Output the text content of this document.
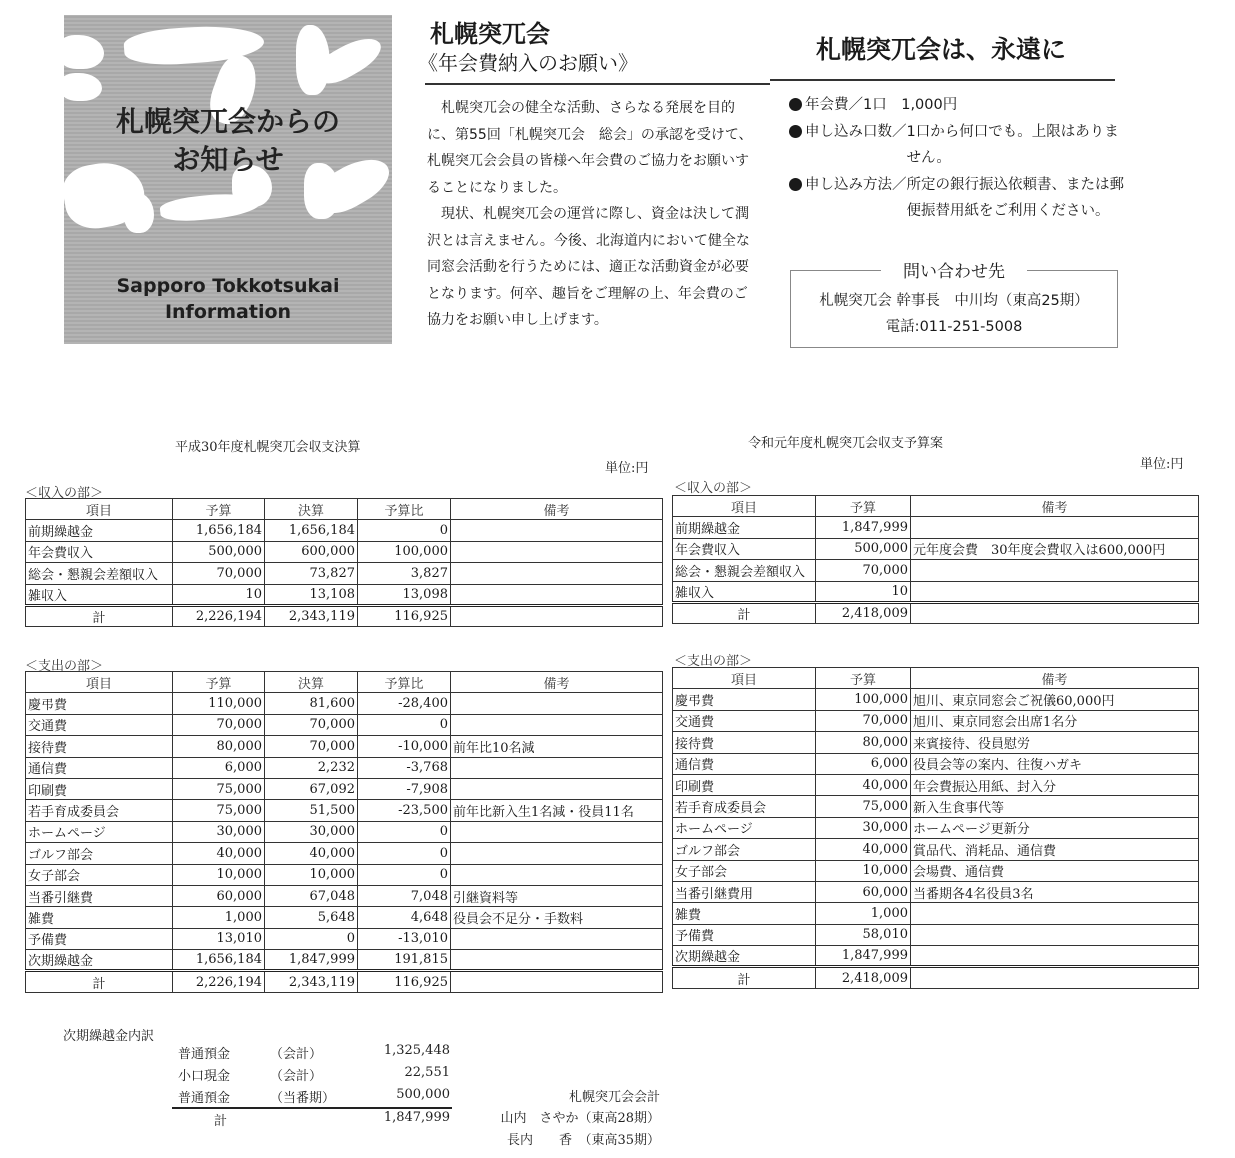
札幌突兀会からの
お知らせ
Sapporo Tokkotsukai
Information
札幌突兀会
《年会費納入のお願い》

札幌突兀会の健全な活動、さらなる発展を目的に、第55回「札幌突兀会　総会」の承認を受けて、札幌突兀会会員の皆様へ年会費のご協力をお願いすることになりました。

現状、札幌突兀会の運営に際し、資金は決して潤沢とは言えません。今後、北海道内において健全な同窓会活動を行うためには、適正な活動資金が必要となります。何卒、趣旨をご理解の上、年会費のご協力をお願い申し上げます。

札幌突兀会は、永遠に
年会費／ 1口　1,000円
申し込み口数／ 1口から何口でも。上限はありません。
申し込み方法／ 所定の銀行振込依頼書、または郵便振替用紙をご利用ください。
問い合わせ先
札幌突兀会 幹事長　中川均（東高25期）
電話:011-251-5008
平成30年度札幌突兀会収支決算
単位:円
＜収入の部＞
項目	予算	決算	予算比	備考
前期繰越金	1,656,184	1,656,184	0	
年会費収入	500,000	600,000	100,000	
総会・懇親会差額収入	70,000	73,827	3,827	
雑収入	10	13,108	13,098	
計	2,226,194	2,343,119	116,925	
＜支出の部＞
項目	予算	決算	予算比	備考
慶弔費	110,000	81,600	-28,400	
交通費	70,000	70,000	0	
接待費	80,000	70,000	-10,000	前年比10名減
通信費	6,000	2,232	-3,768	
印刷費	75,000	67,092	-7,908	
若手育成委員会	75,000	51,500	-23,500	前年比新入生1名減・役員11名
ホームページ	30,000	30,000	0	
ゴルフ部会	40,000	40,000	0	
女子部会	10,000	10,000	0	
当番引継費	60,000	67,048	7,048	引継資料等
雑費	1,000	5,648	4,648	役員会不足分・手数料
予備費	13,010	0	-13,010	
次期繰越金	1,656,184	1,847,999	191,815	
計	2,226,194	2,343,119	116,925	
令和元年度札幌突兀会収支予算案
単位:円
＜収入の部＞
項目	予算	備考
前期繰越金	1,847,999	
年会費収入	500,000	元年度会費　30年度会費収入は600,000円
総会・懇親会差額収入	70,000	
雑収入	10	
計	2,418,009	
＜支出の部＞
項目	予算	備考
慶弔費	100,000	旭川、東京同窓会ご祝儀60,000円
交通費	70,000	旭川、東京同窓会出席1名分
接待費	80,000	来賓接待、役員慰労
通信費	6,000	役員会等の案内、往復ハガキ
印刷費	40,000	年会費振込用紙、封入分
若手育成委員会	75,000	新入生食事代等
ホームページ	30,000	ホームページ更新分
ゴルフ部会	40,000	賞品代、消耗品、通信費
女子部会	10,000	会場費、通信費
当番引継費用	60,000	当番期各4名役員3名
雑費	1,000	
予備費	58,010	
次期繰越金	1,847,999	
計	2,418,009	
次期繰越金内訳
普通預金	（会計）	1,325,448
小口現金	（会計）	22,551
普通預金	（当番期）	500,000
計	1,847,999
札幌突兀会会計
山内　さやか（東高28期）
長内　　香　（東高35期）
